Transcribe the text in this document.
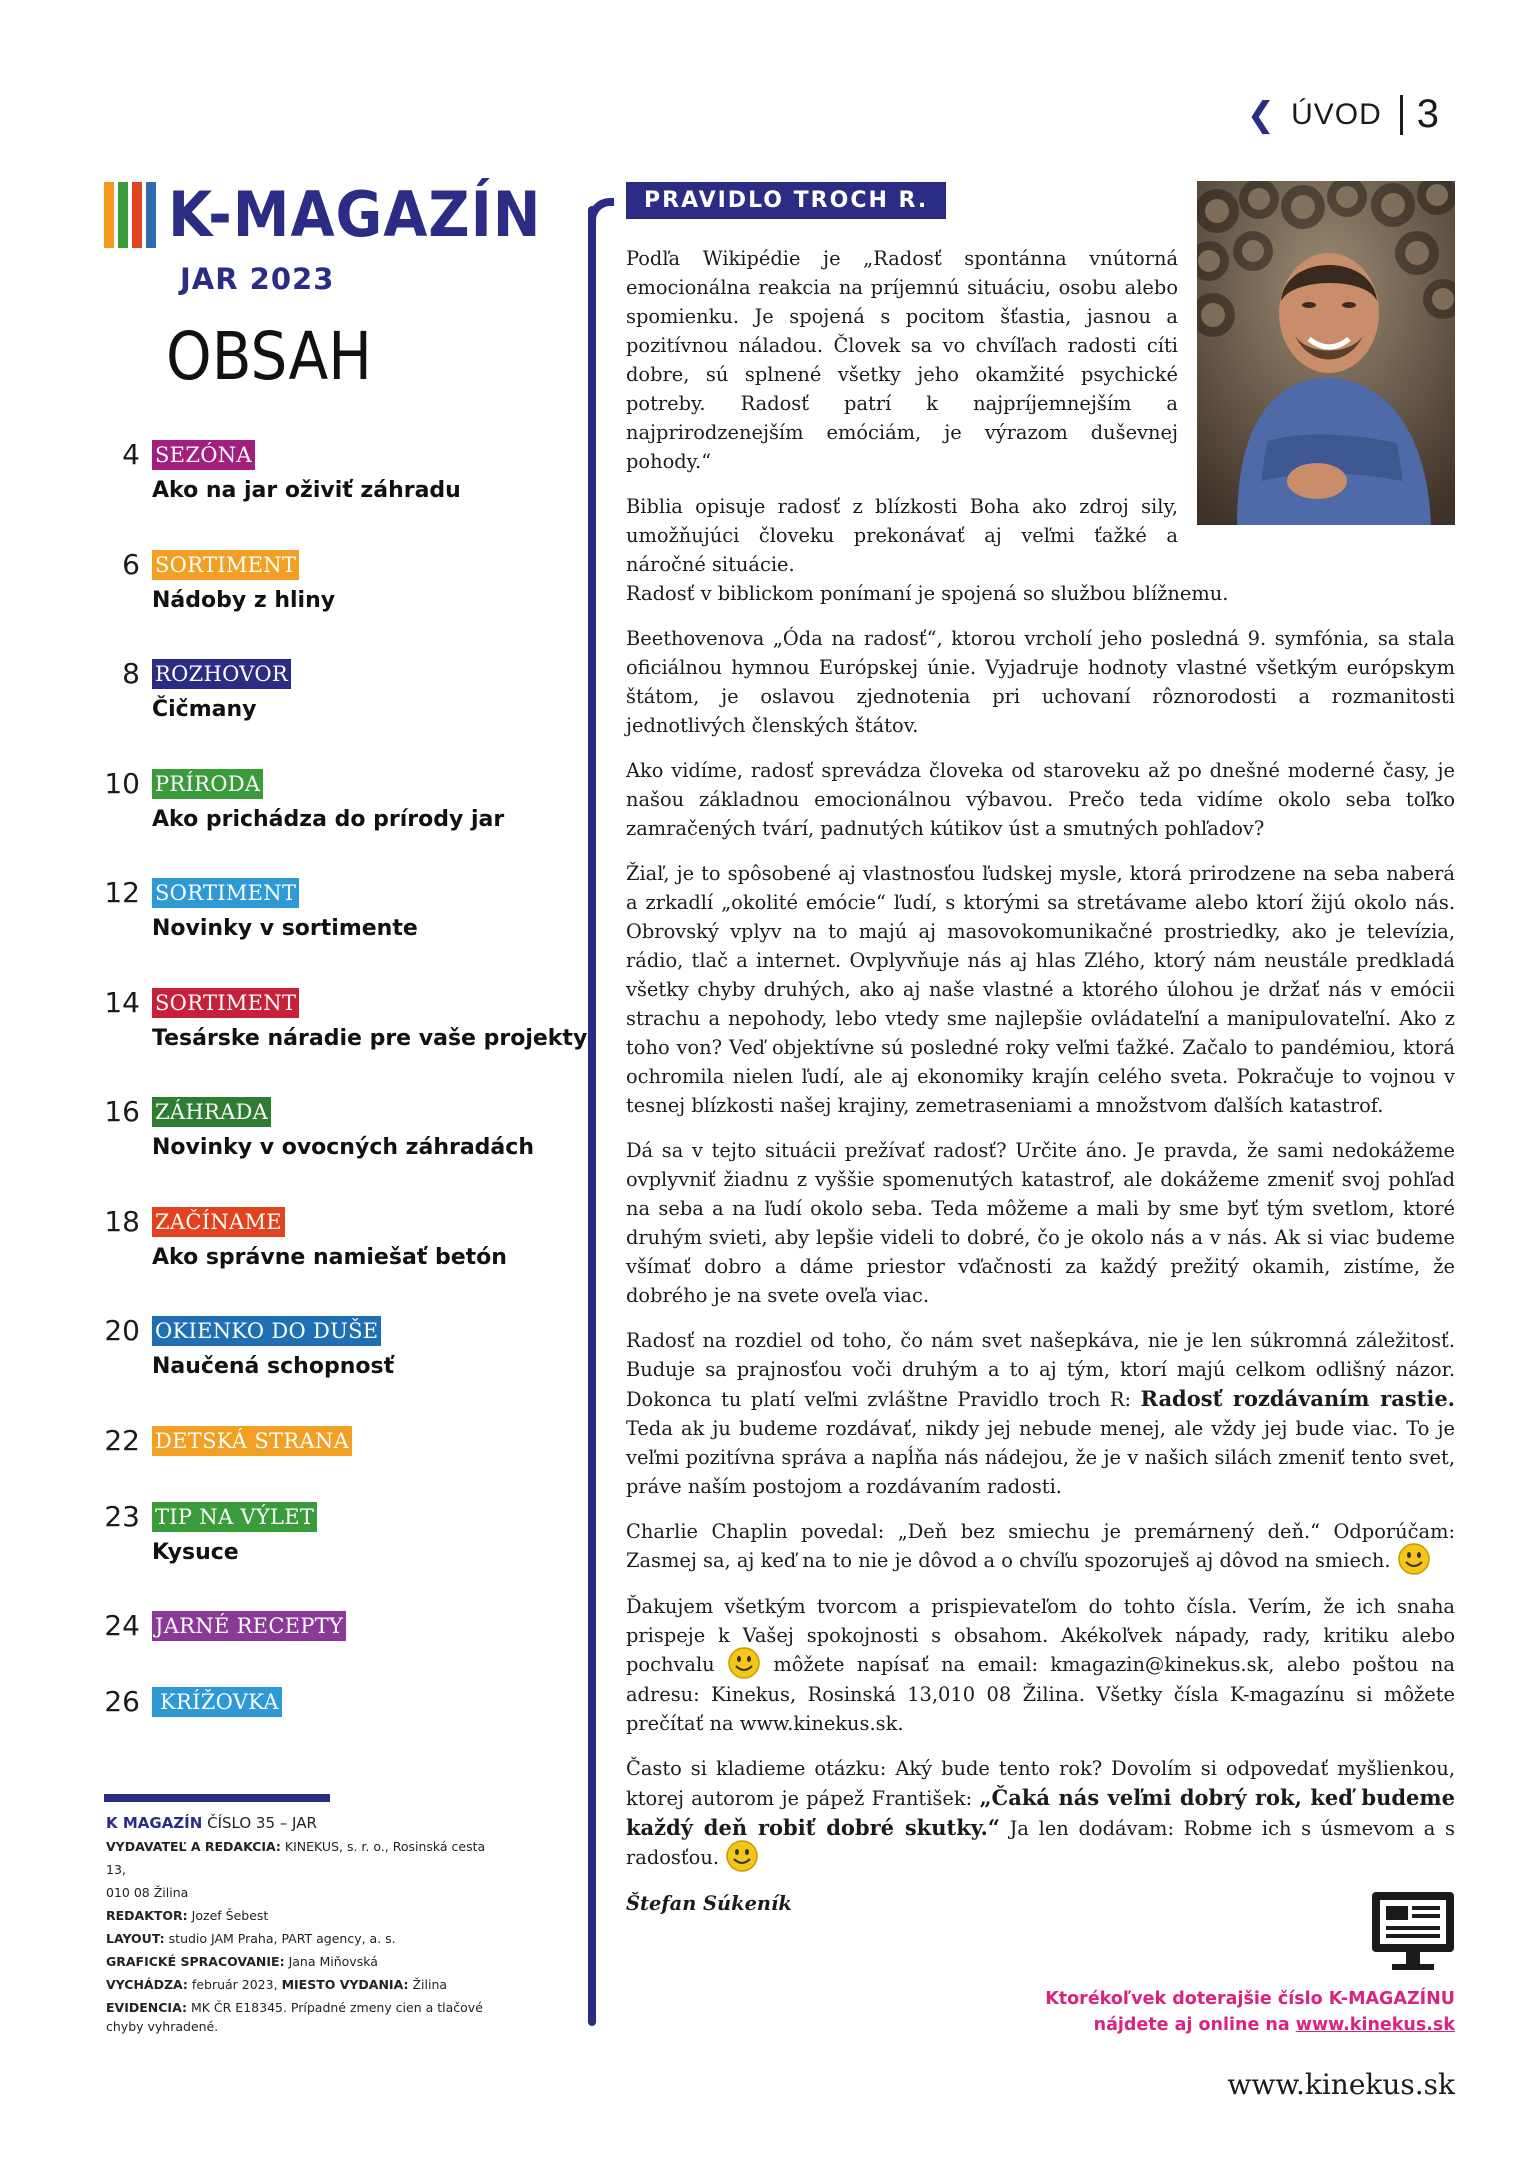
❮ ÚVOD 3
K-MAGAZÍN
JAR 2023
OBSAH
4 SEZÓNA
Ako na jar oživiť záhradu
6 SORTIMENT
Nádoby z hliny
8 ROZHOVOR
Čičmany
10 PRÍRODA
Ako prichádza do prírody jar
12 SORTIMENT
Novinky v sortimente
14 SORTIMENT
Tesárske náradie pre vaše projekty
16 ZÁHRADA
Novinky v ovocných záhradách
18 ZAČÍNAME
Ako správne namiešať betón
20 OKIENKO DO DUŠE
Naučená schopnosť
22 DETSKÁ STRANA
23 TIP NA VÝLET
Kysuce
24 JARNÉ RECEPTY
26 KRÍŽOVKA
K MAGAZÍN ČÍSLO 35 – JAR
VYDAVATEĽ A REDAKCIA: KINEKUS, s. r. o., Rosinská cesta 13,
010 08 Žilina
REDAKTOR: Jozef Šebest
LAYOUT: studio JAM Praha, PART agency, a. s.
GRAFICKÉ SPRACOVANIE: Jana Miňovská
VYCHÁDZA: február 2023, MIESTO VYDANIA: Žilina
EVIDENCIA: MK ČR E18345. Prípadné zmeny cien a tlačové chyby vyhradené.
PRAVIDLO TROCH R.

Podľa Wikipédie je „Radosť spontánna vnútorná emocionálna reakcia na príjemnú situáciu, osobu alebo spomienku. Je spojená s pocitom šťastia, jasnou a pozitívnou náladou. Človek sa vo chvíľach radosti cíti dobre, sú splnené všetky jeho okamžité psychické potreby. Radosť patrí k najpríjemnejším a najprirodzenejším emóciám, je výrazom duševnej pohody.“

Biblia opisuje radosť z blízkosti Boha ako zdroj sily, umožňujúci človeku prekonávať aj veľmi ťažké a náročné situácie.
Radosť v biblickom ponímaní je spojená so službou blížnemu.

Beethovenova „Óda na radosť“, ktorou vrcholí jeho posledná 9. symfónia, sa stala oficiálnou hymnou Európskej únie. Vyjadruje hodnoty vlastné všetkým európskym štátom, je oslavou zjednotenia pri uchovaní rôznorodosti a rozmanitosti jednotlivých členských štátov.

Ako vidíme, radosť sprevádza človeka od staroveku až po dnešné moderné časy, je našou základnou emocionálnou výbavou. Prečo teda vidíme okolo seba toľko zamračených tvárí, padnutých kútikov úst a smutných pohľadov?

Žiaľ, je to spôsobené aj vlastnosťou ľudskej mysle, ktorá prirodzene na seba naberá a zrkadlí „okolité emócie“ ľudí, s ktorými sa stretávame alebo ktorí žijú okolo nás. Obrovský vplyv na to majú aj masovokomunikačné prostriedky, ako je televízia, rádio, tlač a internet. Ovplyvňuje nás aj hlas Zlého, ktorý nám neustále predkladá všetky chyby druhých, ako aj naše vlastné a ktorého úlohou je držať nás v emócii strachu a nepohody, lebo vtedy sme najlepšie ovládateľní a manipulovateľní. Ako z toho von? Veď objektívne sú posledné roky veľmi ťažké. Začalo to pandémiou, ktorá ochromila nielen ľudí, ale aj ekonomiky krajín celého sveta. Pokračuje to vojnou v tesnej blízkosti našej krajiny, zemetraseniami a množstvom ďalších katastrof.

Dá sa v tejto situácii prežívať radosť? Určite áno. Je pravda, že sami nedokážeme ovplyvniť žiadnu z vyššie spomenutých katastrof, ale dokážeme zmeniť svoj pohľad na seba a na ľudí okolo seba. Teda môžeme a mali by sme byť tým svetlom, ktoré druhým svieti, aby lepšie videli to dobré, čo je okolo nás a v nás. Ak si viac budeme všímať dobro a dáme priestor vďačnosti za každý prežitý okamih, zistíme, že dobrého je na svete oveľa viac.

Radosť na rozdiel od toho, čo nám svet našepkáva, nie je len súkromná záležitosť. Buduje sa prajnosťou voči druhým a to aj tým, ktorí majú celkom odlišný názor. Dokonca tu platí veľmi zvláštne Pravidlo troch R: Radosť rozdávaním rastie. Teda ak ju budeme rozdávať, nikdy jej nebude menej, ale vždy jej bude viac. To je veľmi pozitívna správa a napĺňa nás nádejou, že je v našich silách zmeniť tento svet, práve naším postojom a rozdávaním radosti.

Charlie Chaplin povedal: „Deň bez smiechu je premárnený deň.“ Odporúčam: Zasmej sa, aj keď na to nie je dôvod a o chvíľu spozoruješ aj dôvod na smiech.

Ďakujem všetkým tvorcom a prispievateľom do tohto čísla. Verím, že ich snaha prispeje k Vašej spokojnosti s obsahom. Akékoľvek nápady, rady, kritiku alebo pochvalu	môžete napísať na email: kmagazin@kinekus.sk, alebo poštou na adresu: Kinekus, Rosinská 13,010 08 Žilina. Všetky čísla K-magazínu si môžete prečítať na www.kinekus.sk.

Často si kladieme otázku: Aký bude tento rok? Dovolím si odpovedať myšlienkou, ktorej autorom je pápež František: „Čaká nás veľmi dobrý rok, keď budeme každý deň robiť dobré skutky.“ Ja len dodávam: Robme ich s úsmevom a s radosťou.

Štefan Súkeník

Ktorékoľvek doterajšie číslo K-MAGAZÍNU
nájdete aj online na www.kinekus.sk
www.kinekus.sk
